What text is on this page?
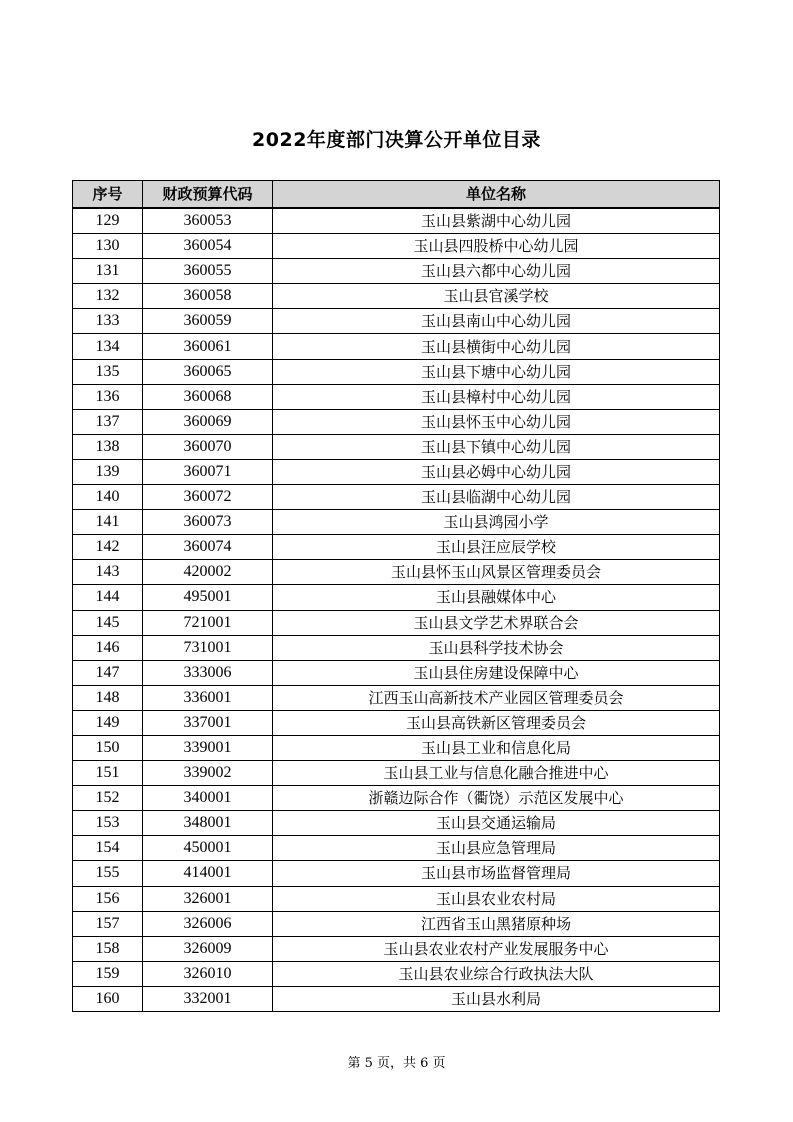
2022年度部门决算公开单位目录
序号	财政预算代码	单位名称
129	360053	玉山县紫湖中心幼儿园
130	360054	玉山县四股桥中心幼儿园
131	360055	玉山县六都中心幼儿园
132	360058	玉山县官溪学校
133	360059	玉山县南山中心幼儿园
134	360061	玉山县横街中心幼儿园
135	360065	玉山县下塘中心幼儿园
136	360068	玉山县樟村中心幼儿园
137	360069	玉山县怀玉中心幼儿园
138	360070	玉山县下镇中心幼儿园
139	360071	玉山县必姆中心幼儿园
140	360072	玉山县临湖中心幼儿园
141	360073	玉山县鸿园小学
142	360074	玉山县汪应辰学校
143	420002	玉山县怀玉山风景区管理委员会
144	495001	玉山县融媒体中心
145	721001	玉山县文学艺术界联合会
146	731001	玉山县科学技术协会
147	333006	玉山县住房建设保障中心
148	336001	江西玉山高新技术产业园区管理委员会
149	337001	玉山县高铁新区管理委员会
150	339001	玉山县工业和信息化局
151	339002	玉山县工业与信息化融合推进中心
152	340001	浙赣边际合作（衢饶）示范区发展中心
153	348001	玉山县交通运输局
154	450001	玉山县应急管理局
155	414001	玉山县市场监督管理局
156	326001	玉山县农业农村局
157	326006	江西省玉山黑猪原种场
158	326009	玉山县农业农村产业发展服务中心
159	326010	玉山县农业综合行政执法大队
160	332001	玉山县水利局
第 5 页，共 6 页
